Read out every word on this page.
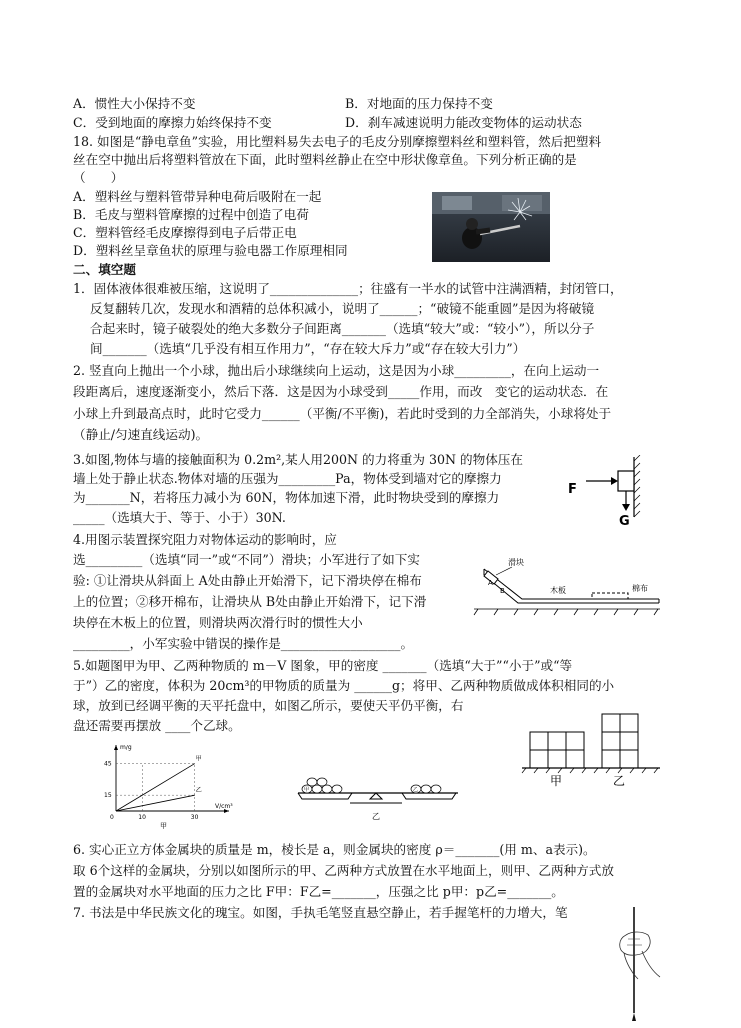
A．惯性大小保持不变	B．对地面的压力保持不变
C．受到地面的摩擦力始终保持不变	D．刹车减速说明力能改变物体的运动状态
18. 如图是“静电章鱼”实验，用比塑料易失去电子的毛皮分别摩擦塑料丝和塑料管，然后把塑料
丝在空中抛出后将塑料管放在下面，此时塑料丝静止在空中形状像章鱼。下列分析正确的是
（　　）
A．塑料丝与塑料管带异种电荷后吸附在一起
B．毛皮与塑料管摩擦的过程中创造了电荷
C．塑料管经毛皮摩擦得到电子后带正电
D．塑料丝呈章鱼状的原理与验电器工作原理相同
二、填空题
1．固体液体很难被压缩，这说明了______________；往盛有一半水的试管中注满酒精，封闭管口，
反复翻转几次，发现水和酒精的总体积减小，说明了______；“破镜不能重圆”是因为将破镜
合起来时，镜子破裂处的绝大多数分子间距离_______（选填“较大”或：“较小”），所以分子
间_______（选填“几乎没有相互作用力”，“存在较大斥力”或“存在较大引力”）
2. 竖直向上抛出一个小球，抛出后小球继续向上运动，这是因为小球_________，在向上运动一
段距离后，速度逐渐变小，然后下落．这是因为小球受到_____作用，而改　变它的运动状态．在
小球上升到最高点时，此时它受力______（平衡/不平衡)，若此时受到的力全部消失，小球将处于
（静止/匀速直线运动)。
3.如图,物体与墙的接触面积为 0.2m²,某人用200N 的力将重为 30N 的物体压在
墙上处于静止状态.物体对墙的压强为_________Pa，物体受到墙对它的摩擦力
为_______N，若将压力减小为 60N，物体加速下滑，此时物块受到的摩擦力
_____（选填大于、等于、小于）30N.
F
G
4.用图示装置探究阻力对物体运动的影响时，应
选_________（选填“同一”或“不同”）滑块；小军进行了如下实
验: ①让滑块从斜面上 A处由静止开始滑下，记下滑块停在棉布
上的位置；②移开棉布，让滑块从 B处由静止开始滑下，记下滑
块停在木板上的位置，则滑块两次滑行时的惯性大小
_________，小军实验中错误的操作是___________________。
滑块
A
B	木板	棉布
5.如题图甲为甲、乙两种物质的 m－V 图象，甲的密度 _______（选填“大于”“小于”或“等
于”）乙的密度，体积为 20cm³的甲物质的质量为 ______g；将甲、乙两种物质做成体积相同的小
球，放到已经调平衡的天平托盘中，如图乙所示，要使天平仍平衡，右
盘还需要再摆放 ____个乙球。
10	30
15
45
甲
乙
0
V/cm³
m/g
甲
甲	乙
乙
甲	乙
6. 实心正立方体金属块的质量是 m，棱长是 a，则金属块的密度 ρ＝_______(用 m、a表示)。
取 6个这样的金属块，分别以如图所示的甲、乙两种方式放置在水平地面上，则甲、乙两种方式放
置的金属块对水平地面的压力之比 F甲：F乙=_______，压强之比 p甲：p乙=_______。
7. 书法是中华民族文化的瑰宝。如图，手执毛笔竖直悬空静止，若手握笔杆的力增大，笔
